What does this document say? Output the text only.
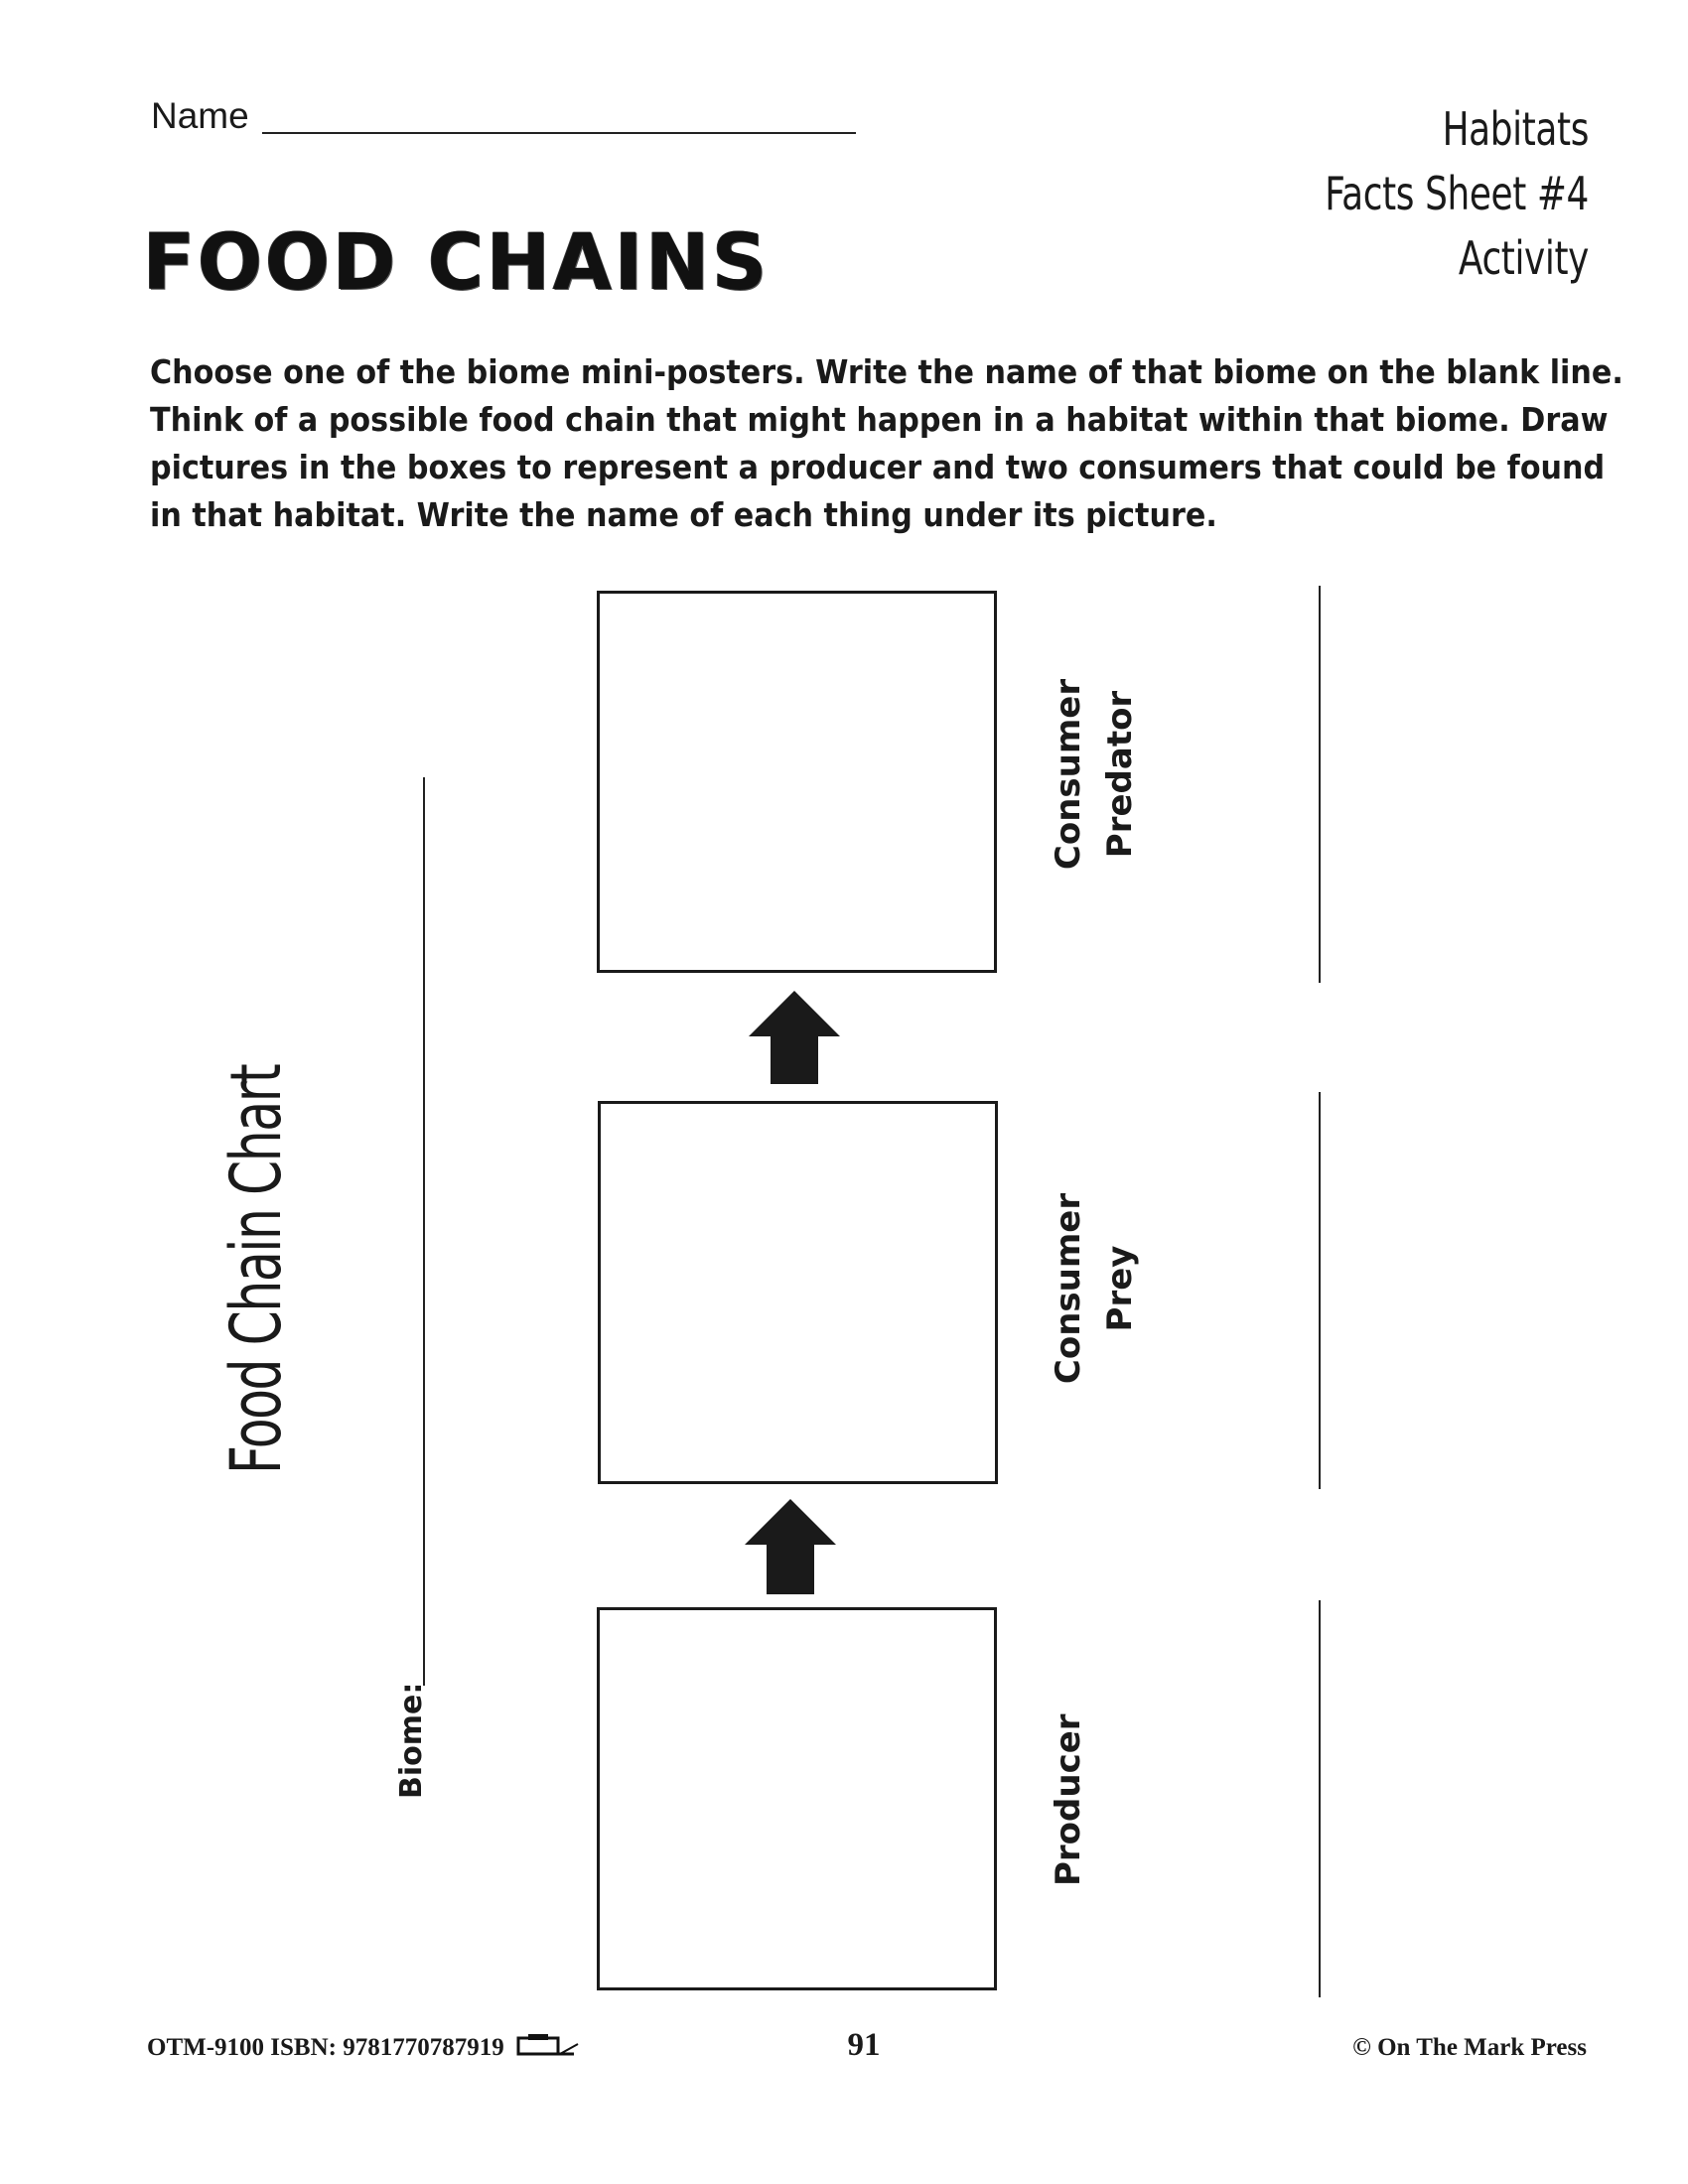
Name	Habitats
Facts Sheet #4
Activity
FOOD CHAINS

Choose one of the biome mini-posters. Write the name of that biome on the blank line.

Think of a possible food chain that might happen in a habitat within that biome. Draw

pictures in the boxes to represent a producer and two consumers that could be found

in that habitat. Write the name of each thing under its picture.

Food Chain Chart
Biome:
Consumer Predator
Consumer Prey
Producer
OTM-9100 ISBN: 9781770787919	91	© On The Mark Press
